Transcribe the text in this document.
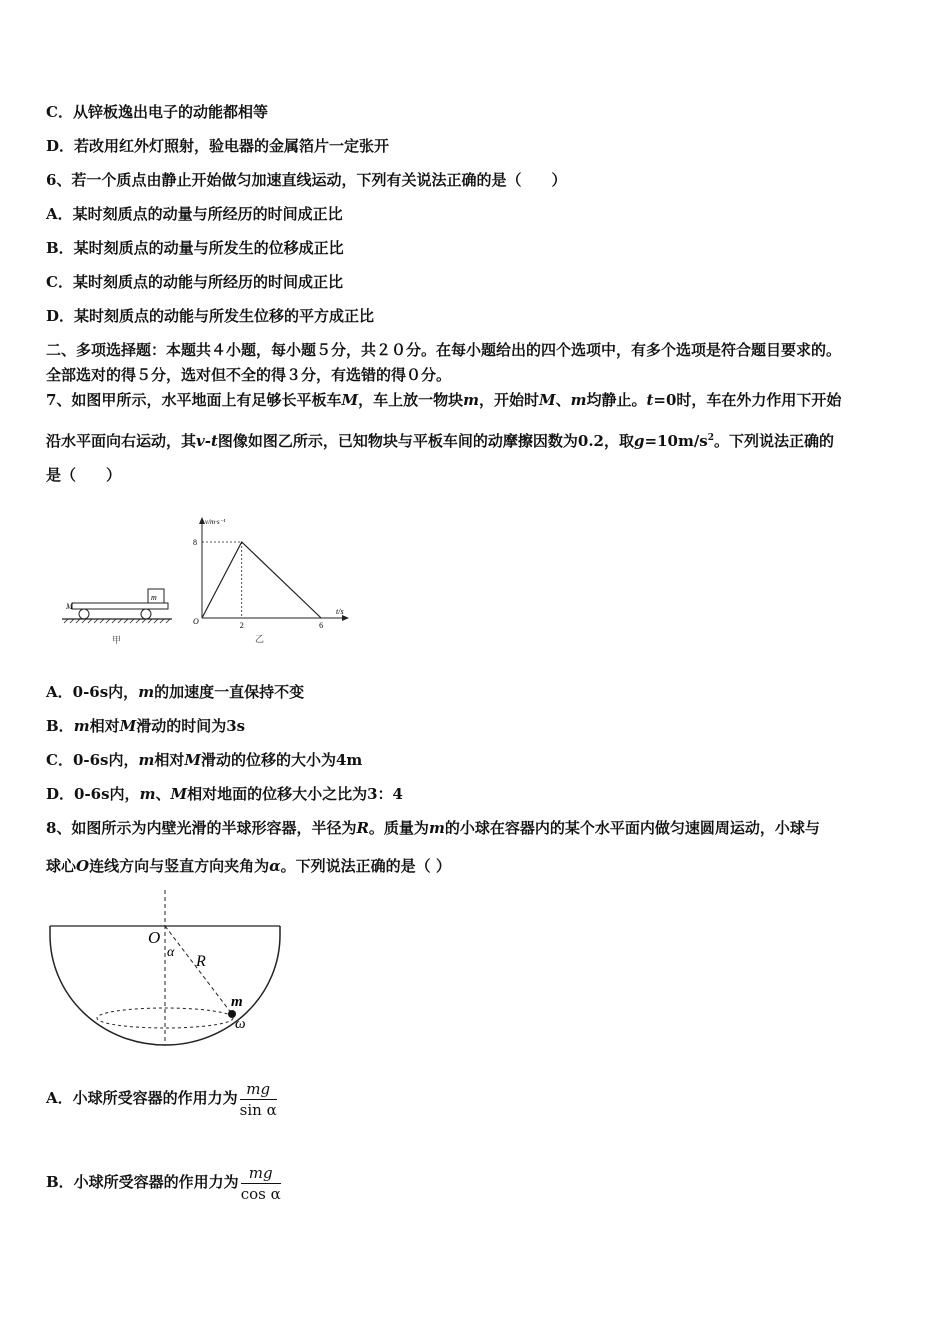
C．从锌板逸出电子的动能都相等
D．若改用红外灯照射，验电器的金属箔片一定张开
6、若一个质点由静止开始做匀加速直线运动，下列有关说法正确的是（　　）
A．某时刻质点的动量与所经历的时间成正比
B．某时刻质点的动量与所发生的位移成正比
C．某时刻质点的动能与所经历的时间成正比
D．某时刻质点的动能与所发生位移的平方成正比
二、多项选择题：本题共４小题，每小题５分，共２０分。在每小题给出的四个选项中，有多个选项是符合题目要求的。
全部选对的得５分，选对但不全的得３分，有选错的得０分。
7、如图甲所示，水平地面上有足够长平板车M，车上放一物块m，开始时M、m均静止。t=0时，车在外力作用下开始
沿水平面向右运动，其v-t图像如图乙所示，已知物块与平板车间的动摩擦因数为0.2，取$g=10m/s^2$。下列说法正确的
是（　　）
m
M
甲
v/m·s⁻¹
t/s
O
8
2	6
乙
A．0-6s内，m的加速度一直保持不变
B．m相对M滑动的时间为3s
C．0-6s内，m相对M滑动的位移的大小为4m
D．0-6s内，m、M相对地面的位移大小之比为3：4
8、如图所示为内壁光滑的半球形容器，半径为R。质量为m的小球在容器内的某个水平面内做匀速圆周运动，小球与
球心O连线方向与竖直方向夹角为α。下列说法正确的是（ ）
O
α
R
m
ω
A．小球所受容器的作用力为 $\frac{mg}{\text{sin α}}$
B．小球所受容器的作用力为 $\frac{mg}{\text{cos α}}$
